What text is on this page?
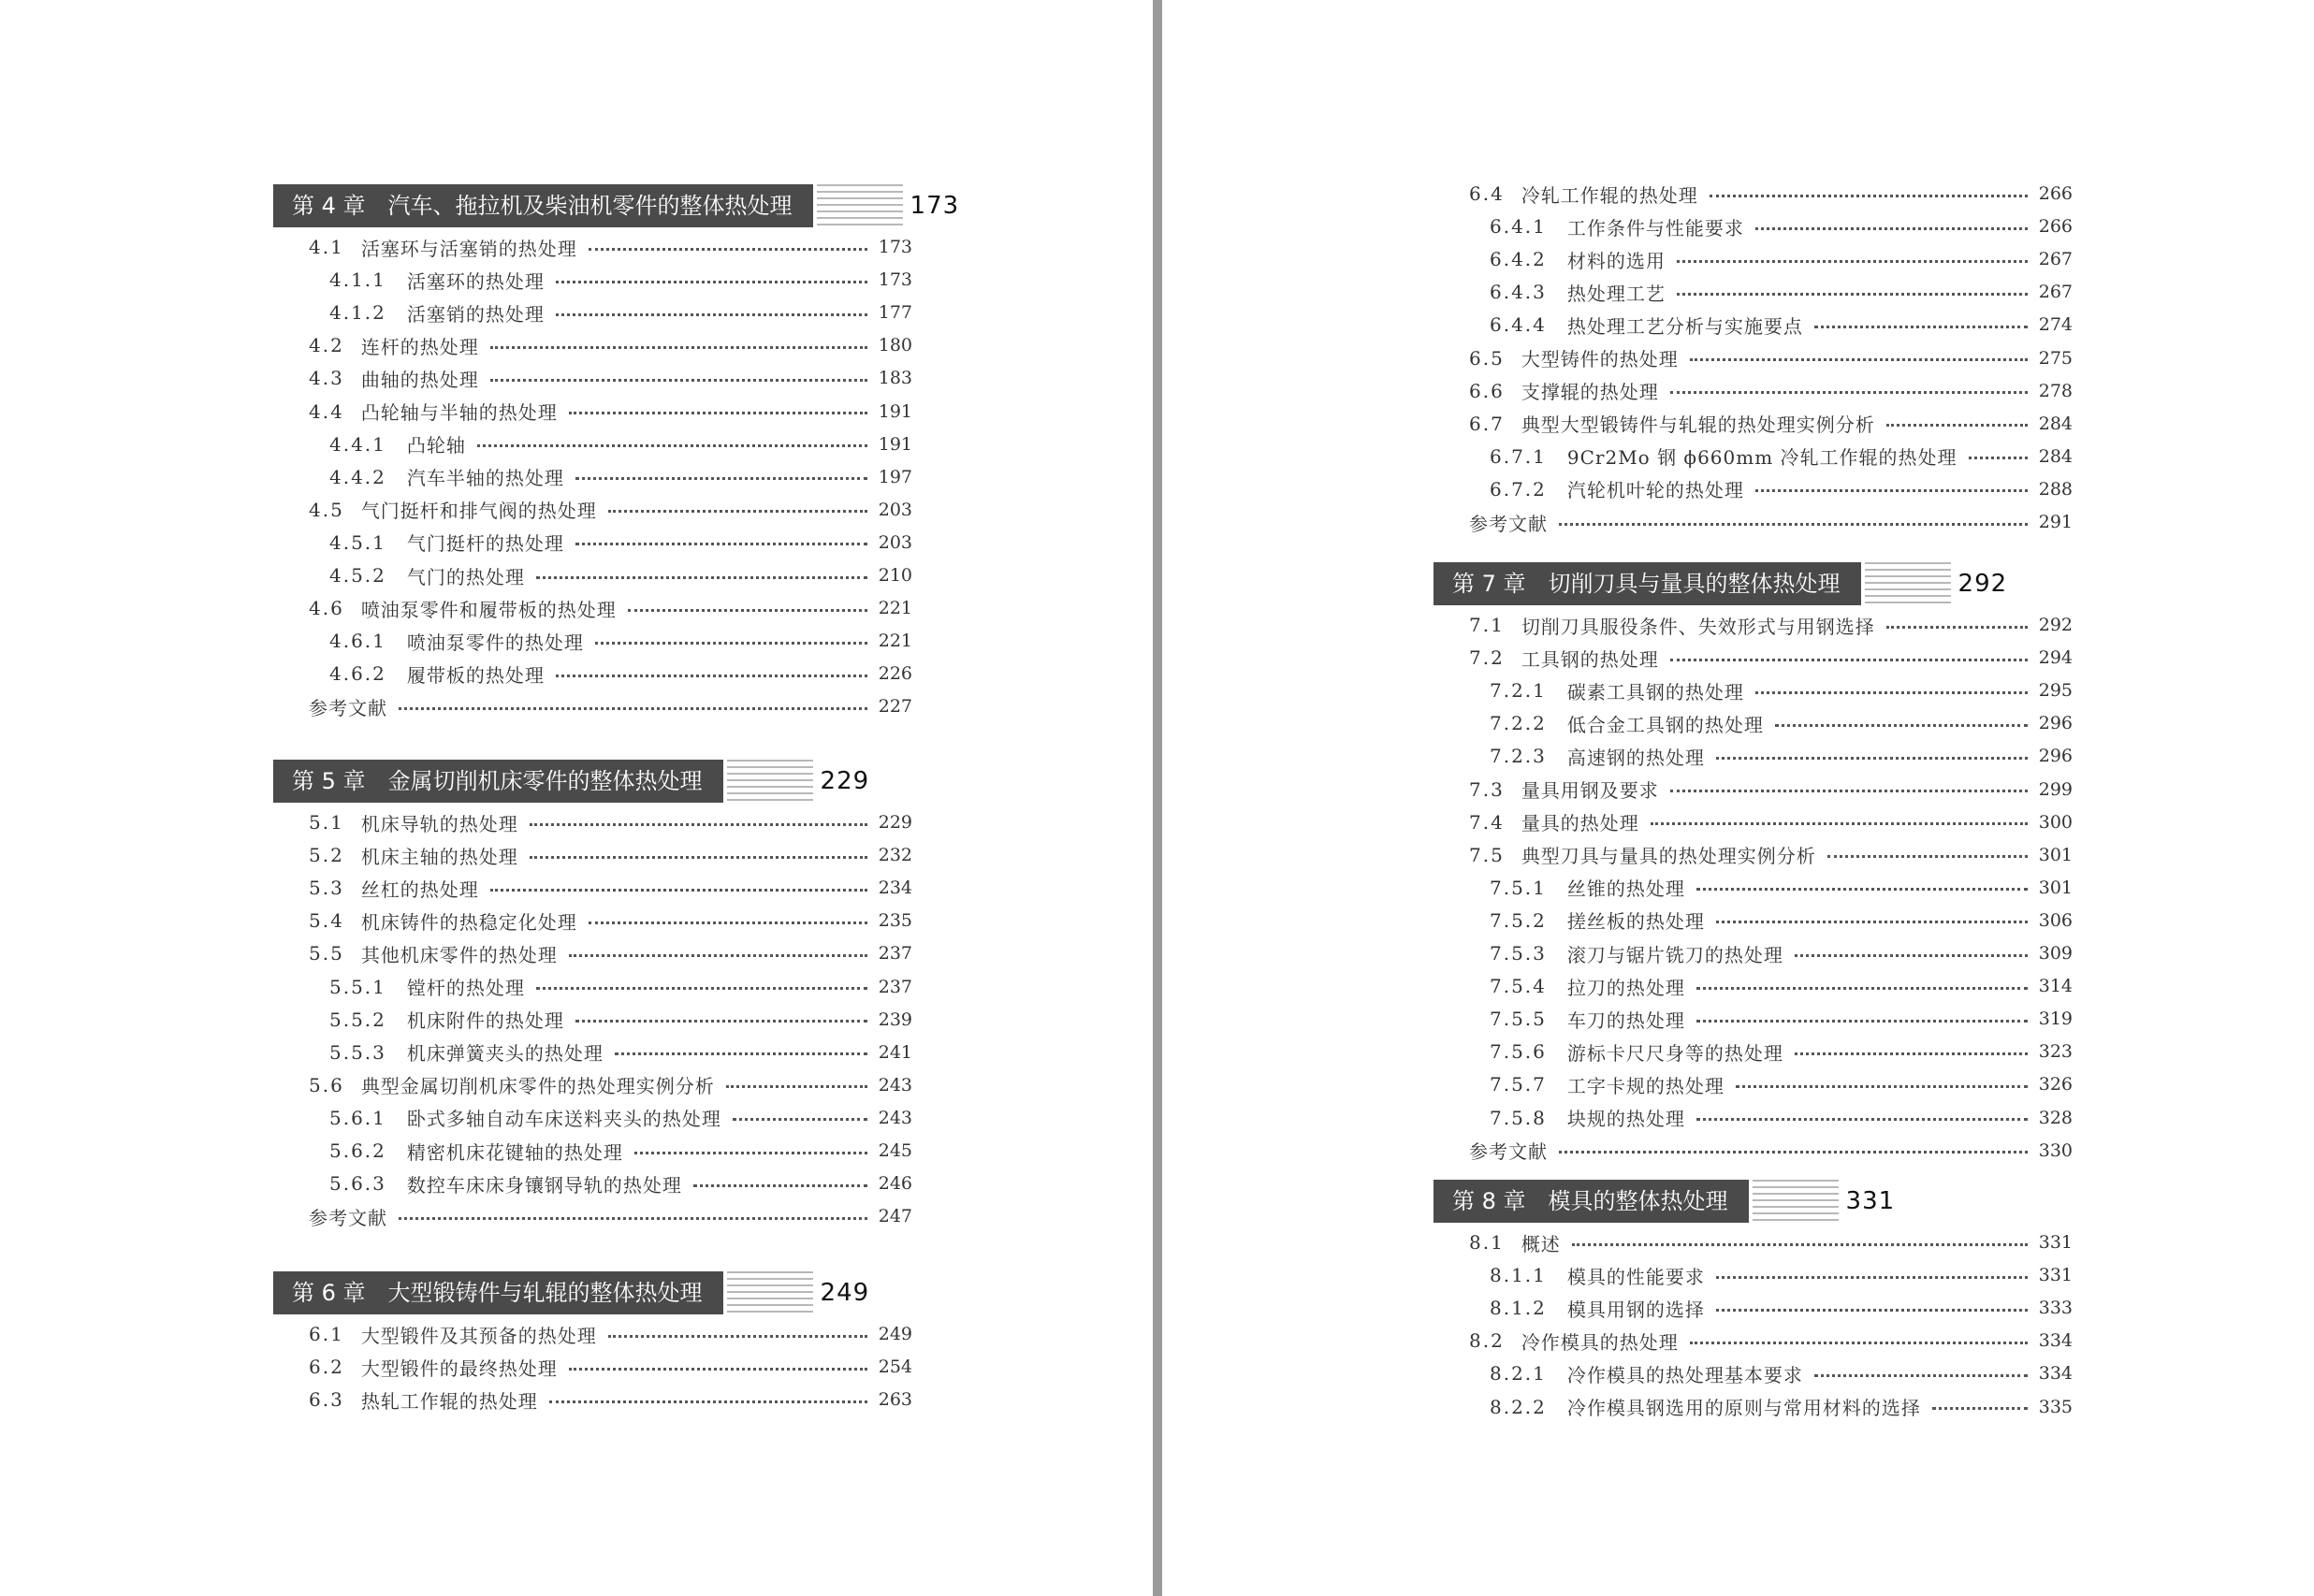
第 4 章　汽车、拖拉机及柴油机零件的整体热处理	173
4.1 活塞环与活塞销的热处理	173
4.1.1 活塞环的热处理	173
4.1.2 活塞销的热处理	177
4.2 连杆的热处理	180
4.3 曲轴的热处理	183
4.4 凸轮轴与半轴的热处理	191
4.4.1 凸轮轴	191
4.4.2 汽车半轴的热处理	197
4.5 气门挺杆和排气阀的热处理	203
4.5.1 气门挺杆的热处理	203
4.5.2 气门的热处理	210
4.6 喷油泵零件和履带板的热处理	221
4.6.1 喷油泵零件的热处理	221
4.6.2 履带板的热处理	226
参考文献	227
第 5 章　金属切削机床零件的整体热处理	229
5.1 机床导轨的热处理	229
5.2 机床主轴的热处理	232
5.3 丝杠的热处理	234
5.4 机床铸件的热稳定化处理	235
5.5 其他机床零件的热处理	237
5.5.1 镗杆的热处理	237
5.5.2 机床附件的热处理	239
5.5.3 机床弹簧夹头的热处理	241
5.6 典型金属切削机床零件的热处理实例分析	243
5.6.1 卧式多轴自动车床送料夹头的热处理	243
5.6.2 精密机床花键轴的热处理	245
5.6.3 数控车床床身镶钢导轨的热处理	246
参考文献	247
第 6 章　大型锻铸件与轧辊的整体热处理	249
6.1 大型锻件及其预备的热处理	249
6.2 大型锻件的最终热处理	254
6.3 热轧工作辊的热处理	263
6.4 冷轧工作辊的热处理	266
6.4.1 工作条件与性能要求	266
6.4.2 材料的选用	267
6.4.3 热处理工艺	267
6.4.4 热处理工艺分析与实施要点	274
6.5 大型铸件的热处理	275
6.6 支撑辊的热处理	278
6.7 典型大型锻铸件与轧辊的热处理实例分析	284
6.7.1 9Cr2Mo 钢 ϕ660mm 冷轧工作辊的热处理	284
6.7.2 汽轮机叶轮的热处理	288
参考文献	291
第 7 章　切削刀具与量具的整体热处理	292
7.1 切削刀具服役条件、失效形式与用钢选择	292
7.2 工具钢的热处理	294
7.2.1 碳素工具钢的热处理	295
7.2.2 低合金工具钢的热处理	296
7.2.3 高速钢的热处理	296
7.3 量具用钢及要求	299
7.4 量具的热处理	300
7.5 典型刀具与量具的热处理实例分析	301
7.5.1 丝锥的热处理	301
7.5.2 搓丝板的热处理	306
7.5.3 滚刀与锯片铣刀的热处理	309
7.5.4 拉刀的热处理	314
7.5.5 车刀的热处理	319
7.5.6 游标卡尺尺身等的热处理	323
7.5.7 工字卡规的热处理	326
7.5.8 块规的热处理	328
参考文献	330
第 8 章　模具的整体热处理	331
8.1 概述	331
8.1.1 模具的性能要求	331
8.1.2 模具用钢的选择	333
8.2 冷作模具的热处理	334
8.2.1 冷作模具的热处理基本要求	334
8.2.2 冷作模具钢选用的原则与常用材料的选择	335
